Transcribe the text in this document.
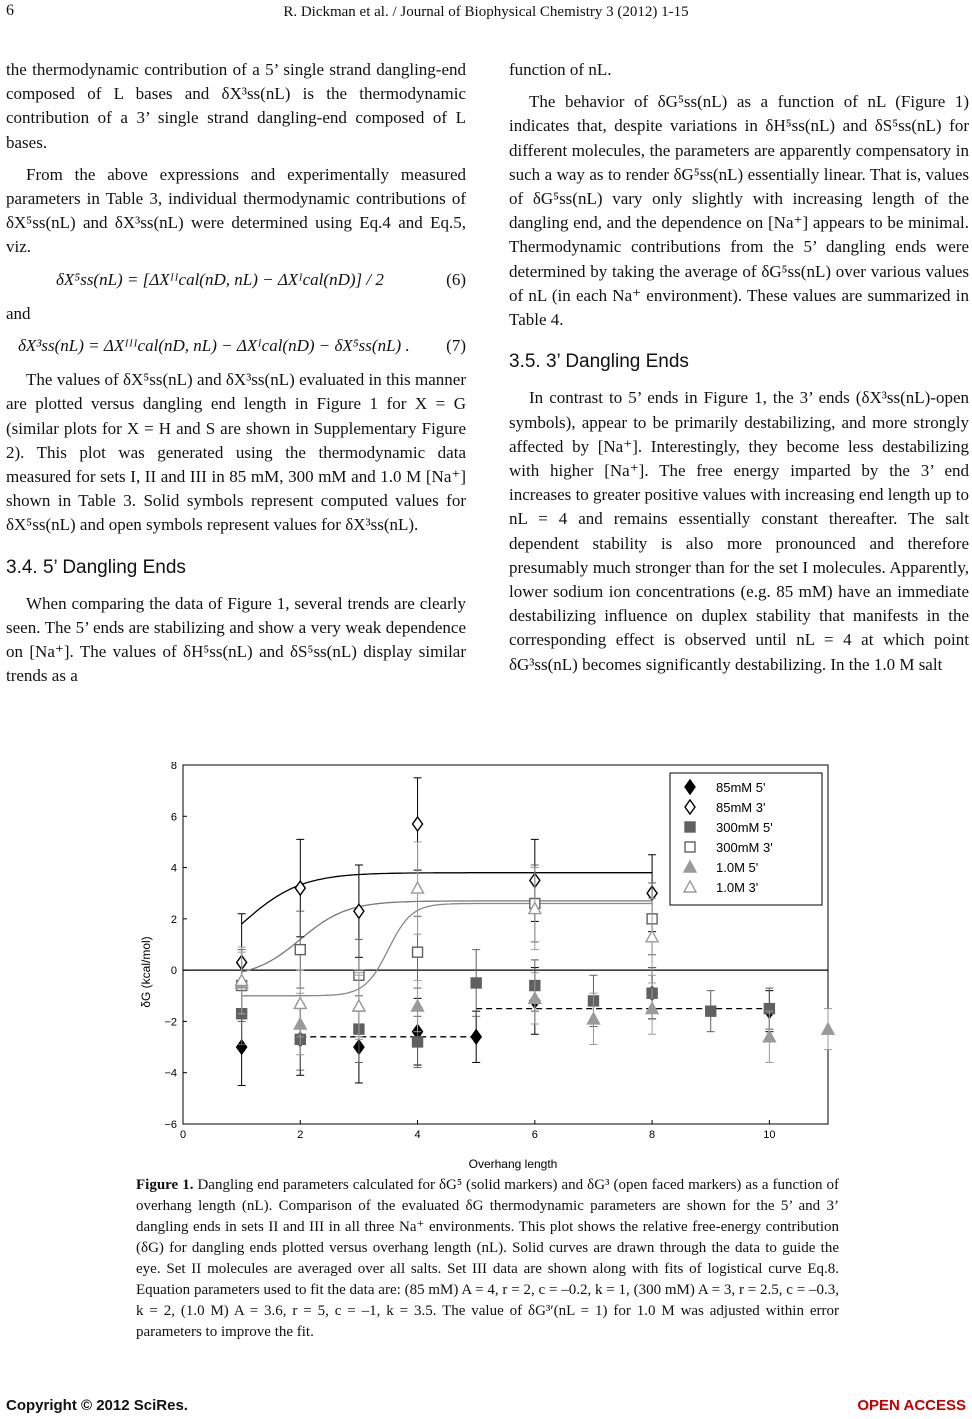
6	R. Dickman et al. / Journal of Biophysical Chemistry 3 (2012) 1-15

the thermodynamic contribution of a 5’ single strand dangling-end composed of L bases and δX³ss(nL) is the thermodynamic contribution of a 3’ single strand dangling-end composed of L bases.

From the above expressions and experimentally measured parameters in Table 3, individual thermodynamic contributions of δX⁵ss(nL) and δX³ss(nL) were determined using Eq.4 and Eq.5, viz.

δX⁵ss(nL) = [ΔXᴵᴵcal(nD, nL) − ΔXᴵcal(nD)] / 2	(6)

and

δX³ss(nL) = ΔXᴵᴵᴵcal(nD, nL) − ΔXᴵcal(nD) − δX⁵ss(nL) .	(7)

The values of δX⁵ss(nL) and δX³ss(nL) evaluated in this manner are plotted versus dangling end length in Figure 1 for X = G (similar plots for X = H and S are shown in Supplementary Figure 2). This plot was generated using the thermodynamic data measured for sets I, II and III in 85 mM, 300 mM and 1.0 M [Na⁺] shown in Table 3. Solid symbols represent computed values for δX⁵ss(nL) and open symbols represent values for δX³ss(nL).

3.4. 5’ Dangling Ends

When comparing the data of Figure 1, several trends are clearly seen. The 5’ ends are stabilizing and show a very weak dependence on [Na⁺]. The values of δH⁵ss(nL) and δS⁵ss(nL) display similar trends as a

function of nL.

The behavior of δG⁵ss(nL) as a function of nL (Figure 1) indicates that, despite variations in δH⁵ss(nL) and δS⁵ss(nL) for different molecules, the parameters are apparently compensatory in such a way as to render δG⁵ss(nL) essentially linear. That is, values of δG⁵ss(nL) vary only slightly with increasing length of the dangling end, and the dependence on [Na⁺] appears to be minimal. Thermodynamic contributions from the 5’ dangling ends were determined by taking the average of δG⁵ss(nL) over various values of nL (in each Na⁺ environment). These values are summarized in Table 4.

3.5. 3’ Dangling Ends

In contrast to 5’ ends in Figure 1, the 3’ ends (δX³ss(nL)-open symbols), appear to be primarily destabilizing, and more strongly affected by [Na⁺]. Interestingly, they become less destabilizing with higher [Na⁺]. The free energy imparted by the 3’ end increases to greater positive values with increasing end length up to nL = 4 and remains essentially constant thereafter. The salt dependent stability is also more pronounced and therefore presumably much stronger than for the set I molecules. Apparently, lower sodium ion concentrations (e.g. 85 mM) have an immediate destabilizing influence on duplex stability that manifests in the corresponding effect is observed until nL = 4 at which point δG³ss(nL) becomes significantly destabilizing. In the 1.0 M salt

δG (kcal/mol)
Overhang length
0	2	4	6	8	10
−6
−4
−2
0
2
4
6
8
85mM 5'
85mM 3'
300mM 5'
300mM 3'
1.0M 5'
1.0M 3'
Figure 1. Dangling end parameters calculated for δG⁵ (solid markers) and δG³ (open faced markers) as a function of overhang length (nL). Comparison of the evaluated δG thermodynamic parameters are shown for the 5’ and 3’ dangling ends in sets II and III in all three Na⁺ environments. This plot shows the relative free-energy contribution (δG) for dangling ends plotted versus overhang length (nL). Solid curves are drawn through the data to guide the eye. Set II molecules are averaged over all salts. Set III data are shown along with fits of logistical curve Eq.8. Equation parameters used to fit the data are: (85 mM) A = 4, r = 2, c = –0.2, k = 1, (300 mM) A = 3, r = 2.5, c = –0.3, k = 2, (1.0 M) A = 3.6, r = 5, c = –1, k = 3.5. The value of δG³′(nL = 1) for 1.0 M was adjusted within error parameters to improve the fit.
Copyright © 2012 SciRes.	OPEN ACCESS
